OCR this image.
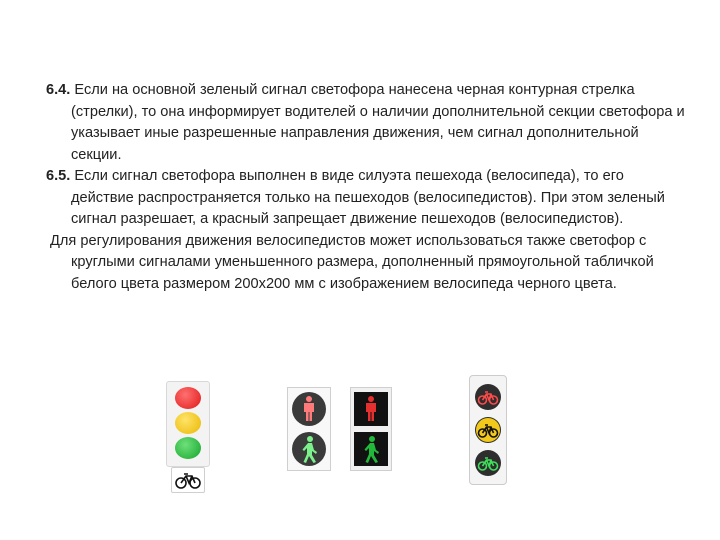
6.4. Если на основной зеленый сигнал светофора нанесена черная контурная стрелка (стрелки), то она информирует водителей о наличии дополнительной секции светофора и указывает иные разрешенные направления движения, чем сигнал дополнительной секции.

6.5. Если сигнал светофора выполнен в виде силуэта пешехода (велосипеда), то его действие распространяется только на пешеходов (велосипедистов). При этом зеленый сигнал разрешает, а красный запрещает движение пешеходов (велосипедистов).

Для регулирования движения велосипедистов может использоваться также светофор с круглыми сигналами уменьшенного размера, дополненный прямоугольной табличкой белого цвета размером 200x200 мм с изображением велосипеда черного цвета.
